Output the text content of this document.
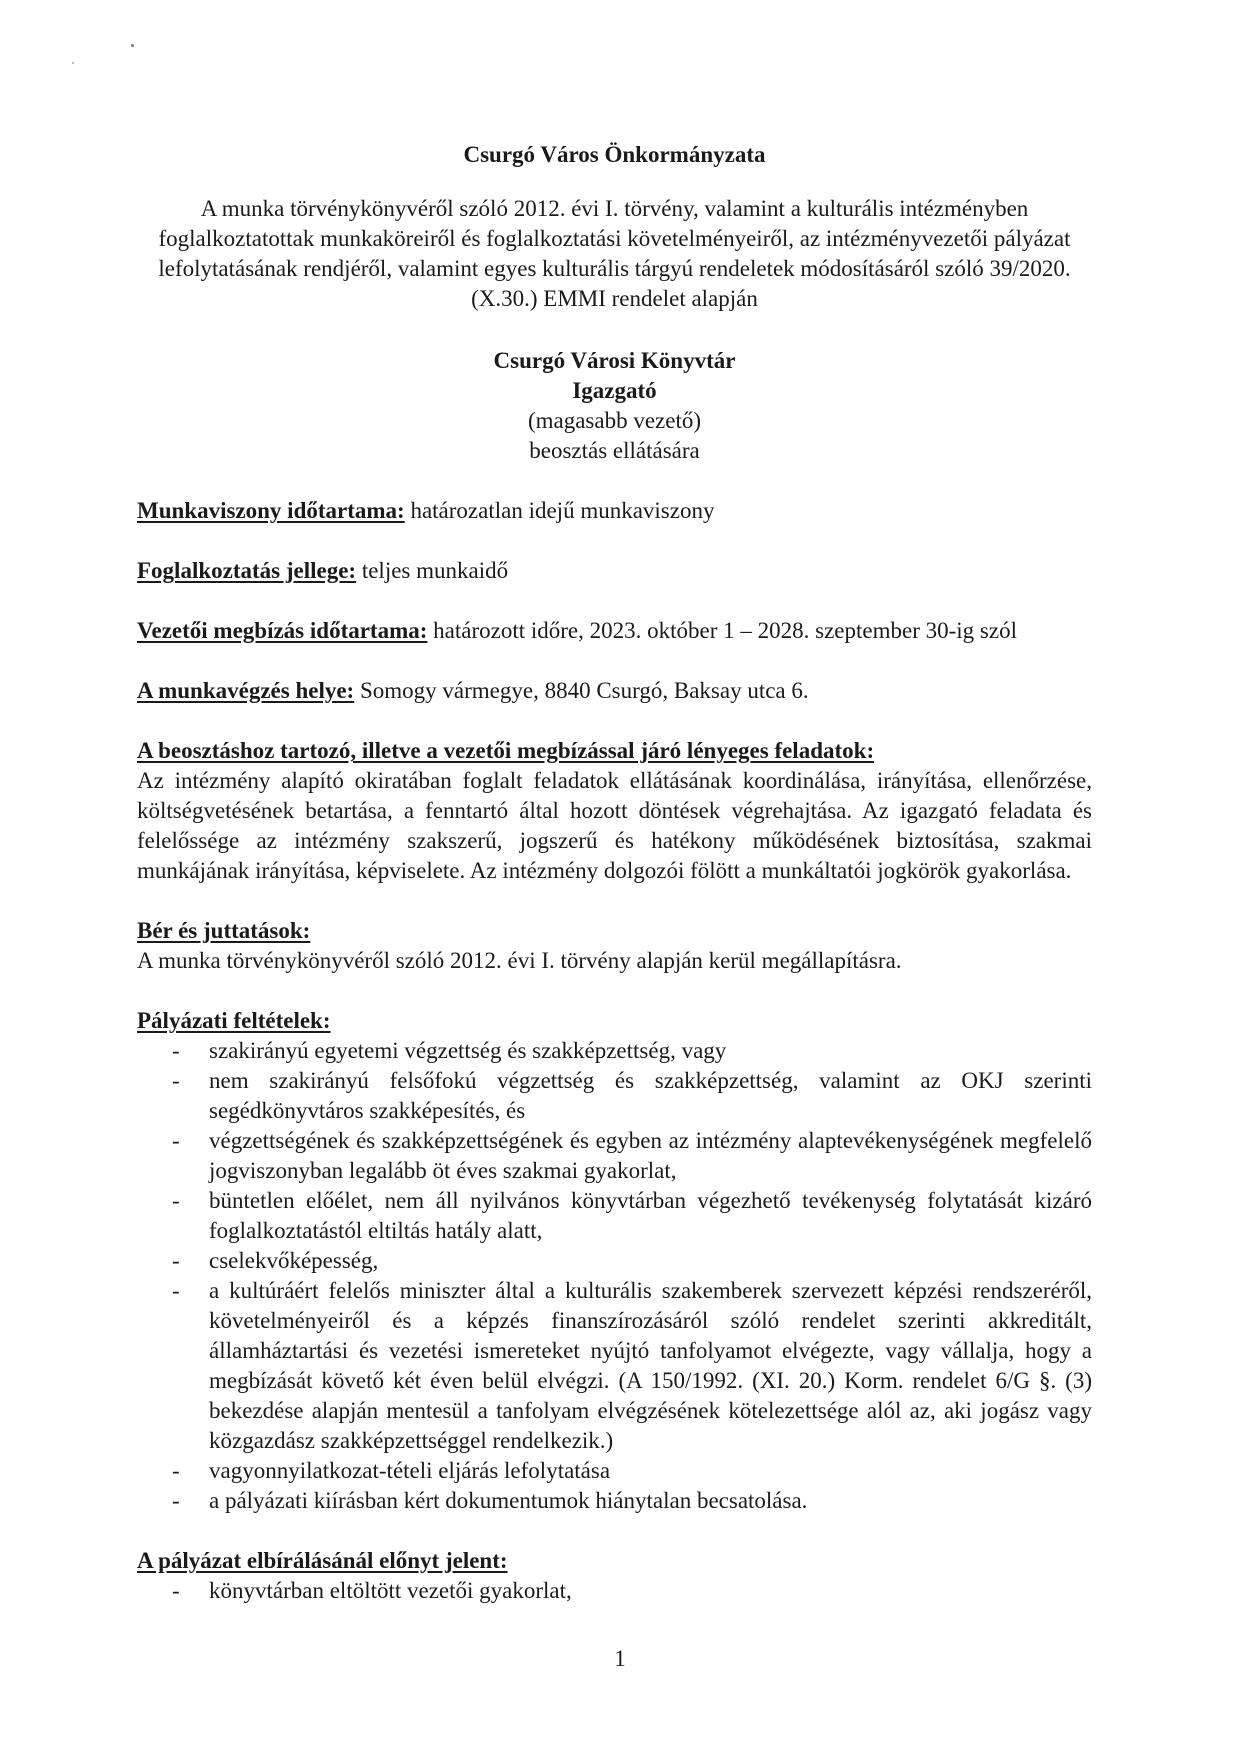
Csurgó Város Önkormányzata

A munka törvénykönyvéről szóló 2012. évi I. törvény, valamint a kulturális intézményben foglalkoztatottak munkaköreiről és foglalkoztatási követelményeiről, az intézményvezetői pályázat lefolytatásának rendjéről, valamint egyes kulturális tárgyú rendeletek módosításáról szóló 39/2020. (X.30.) EMMI rendelet alapján

Csurgó Városi Könyvtár

Igazgató

(magasabb vezető)

beosztás ellátására

Munkaviszony időtartama: határozatlan idejű munkaviszony

Foglalkoztatás jellege: teljes munkaidő

Vezetői megbízás időtartama: határozott időre, 2023. október 1 – 2028. szeptember 30-ig szól

A munkavégzés helye: Somogy vármegye, 8840 Csurgó, Baksay utca 6.

A beosztáshoz tartozó, illetve a vezetői megbízással járó lényeges feladatok:

Az intézmény alapító okiratában foglalt feladatok ellátásának koordinálása, irányítása, ellenőrzése, költségvetésének betartása, a fenntartó által hozott döntések végrehajtása. Az igazgató feladata és felelőssége az intézmény szakszerű, jogszerű és hatékony működésének biztosítása, szakmai munkájának irányítása, képviselete. Az intézmény dolgozói fölött a munkáltatói jogkörök gyakorlása.

Bér és juttatások:

A munka törvénykönyvéről szóló 2012. évi I. törvény alapján kerül megállapításra.

Pályázati feltételek:

- szakirányú egyetemi végzettség és szakképzettség, vagy
- nem szakirányú felsőfokú végzettség és szakképzettség, valamint az OKJ szerinti segédkönyvtáros szakképesítés, és
- végzettségének és szakképzettségének és egyben az intézmény alaptevékenységének megfelelő jogviszonyban legalább öt éves szakmai gyakorlat,
- büntetlen előélet, nem áll nyilvános könyvtárban végezhető tevékenység folytatását kizáró foglalkoztatástól eltiltás hatály alatt,
- cselekvőképesség,
- a kultúráért felelős miniszter által a kulturális szakemberek szervezett képzési rendszeréről, követelményeiről és a képzés finanszírozásáról szóló rendelet szerinti akkreditált, államháztartási és vezetési ismereteket nyújtó tanfolyamot elvégezte, vagy vállalja, hogy a megbízását követő két éven belül elvégzi. (A 150/1992. (XI. 20.) Korm. rendelet 6/G §. (3) bekezdése alapján mentesül a tanfolyam elvégzésének kötelezettsége alól az, aki jogász vagy közgazdász szakképzettséggel rendelkezik.)
- vagyonnyilatkozat-tételi eljárás lefolytatása
- a pályázati kiírásban kért dokumentumok hiánytalan becsatolása.

A pályázat elbírálásánál előnyt jelent:

- könyvtárban eltöltött vezetői gyakorlat,
1
